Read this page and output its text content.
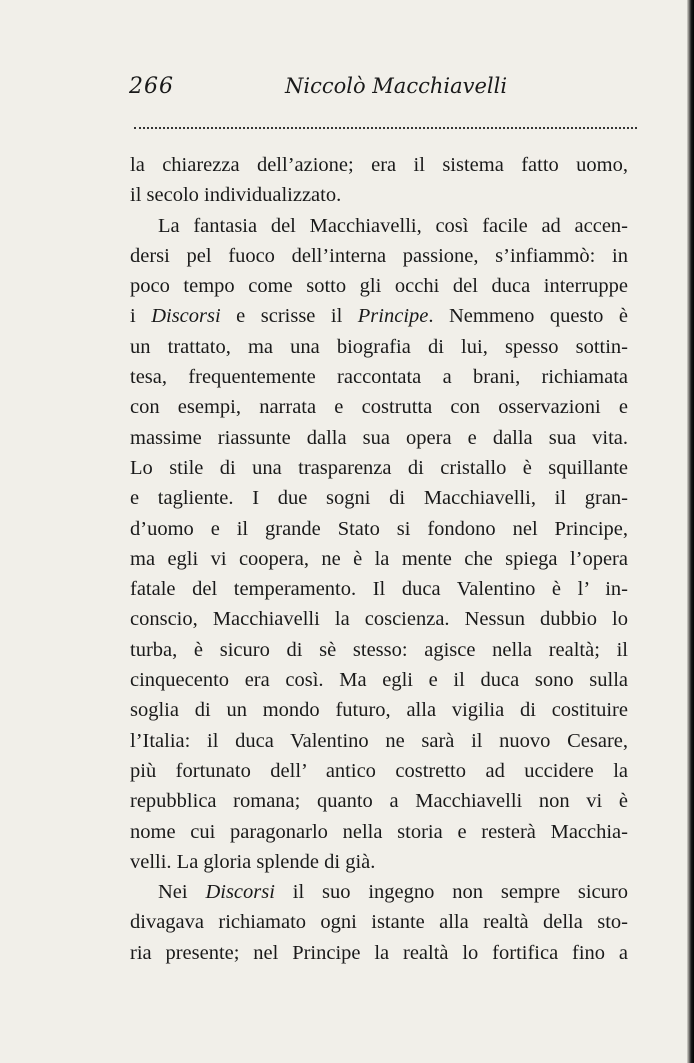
266	Niccolò Macchiavelli
la chiarezza dell’azione; era il sistema fatto uomo,
il secolo individualizzato.
La fantasia del Macchiavelli, così facile ad accen-
dersi pel fuoco dell’interna passione, s’infiammò: in
poco tempo come sotto gli occhi del duca interruppe
i Discorsi e scrisse il Principe. Nemmeno questo è
un trattato, ma una biografia di lui, spesso sottin-
tesa, frequentemente raccontata a brani, richiamata
con esempi, narrata e costrutta con osservazioni e
massime riassunte dalla sua opera e dalla sua vita.
Lo stile di una trasparenza di cristallo è squillante
e tagliente. I due sogni di Macchiavelli, il gran-
d’uomo e il grande Stato si fondono nel Principe,
ma egli vi coopera, ne è la mente che spiega l’opera
fatale del temperamento. Il duca Valentino è l’ in-
conscio, Macchiavelli la coscienza. Nessun dubbio lo
turba, è sicuro di sè stesso: agisce nella realtà; il
cinquecento era così. Ma egli e il duca sono sulla
soglia di un mondo futuro, alla vigilia di costituire
l’Italia: il duca Valentino ne sarà il nuovo Cesare,
più fortunato dell’ antico costretto ad uccidere la
repubblica romana; quanto a Macchiavelli non vi è
nome cui paragonarlo nella storia e resterà Macchia-
velli. La gloria splende di già.
Nei Discorsi il suo ingegno non sempre sicuro
divagava richiamato ogni istante alla realtà della sto-
ria presente; nel Principe la realtà lo fortifica fino a
